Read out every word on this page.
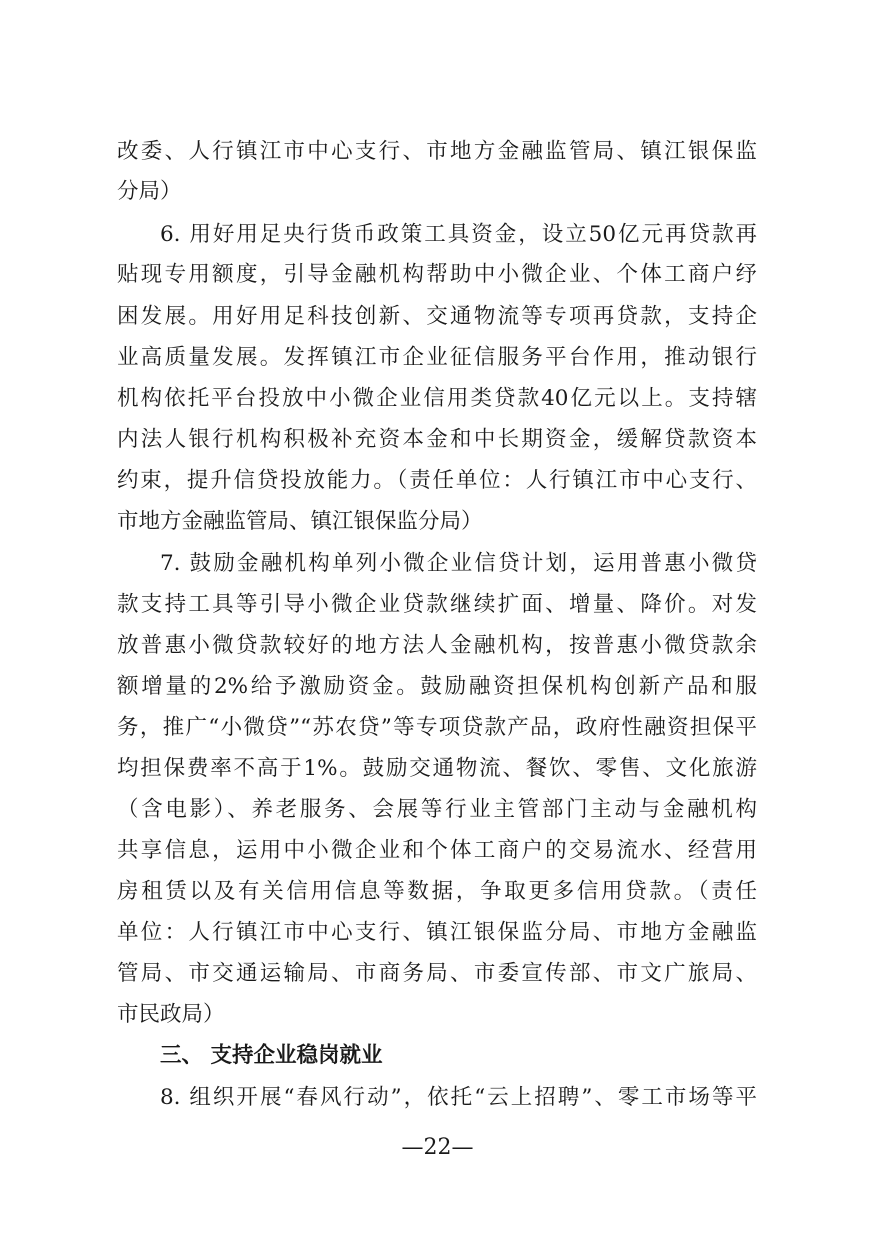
改委、人行镇江市中心支行、市地方金融监管局、镇江银保监
分局）
6. 用好用足央行货币政策工具资金，设立50亿元再贷款再
贴现专用额度，引导金融机构帮助中小微企业、个体工商户纾
困发展。用好用足科技创新、交通物流等专项再贷款，支持企
业高质量发展。发挥镇江市企业征信服务平台作用，推动银行
机构依托平台投放中小微企业信用类贷款40亿元以上。支持辖
内法人银行机构积极补充资本金和中长期资金，缓解贷款资本
约束，提升信贷投放能力。（责任单位：人行镇江市中心支行、
市地方金融监管局、镇江银保监分局）
7. 鼓励金融机构单列小微企业信贷计划，运用普惠小微贷
款支持工具等引导小微企业贷款继续扩面、增量、降价。对发
放普惠小微贷款较好的地方法人金融机构，按普惠小微贷款余
额增量的2%给予激励资金。鼓励融资担保机构创新产品和服
务，推广“小微贷”“苏农贷”等专项贷款产品，政府性融资担保平
均担保费率不高于1%。鼓励交通物流、餐饮、零售、文化旅游
（含电影）、养老服务、会展等行业主管部门主动与金融机构
共享信息，运用中小微企业和个体工商户的交易流水、经营用
房租赁以及有关信用信息等数据，争取更多信用贷款。（责任
单位：人行镇江市中心支行、镇江银保监分局、市地方金融监
管局、市交通运输局、市商务局、市委宣传部、市文广旅局、
市民政局）
三、 支持企业稳岗就业
8. 组织开展“春风行动”，依托“云上招聘”、零工市场等平
—22—
